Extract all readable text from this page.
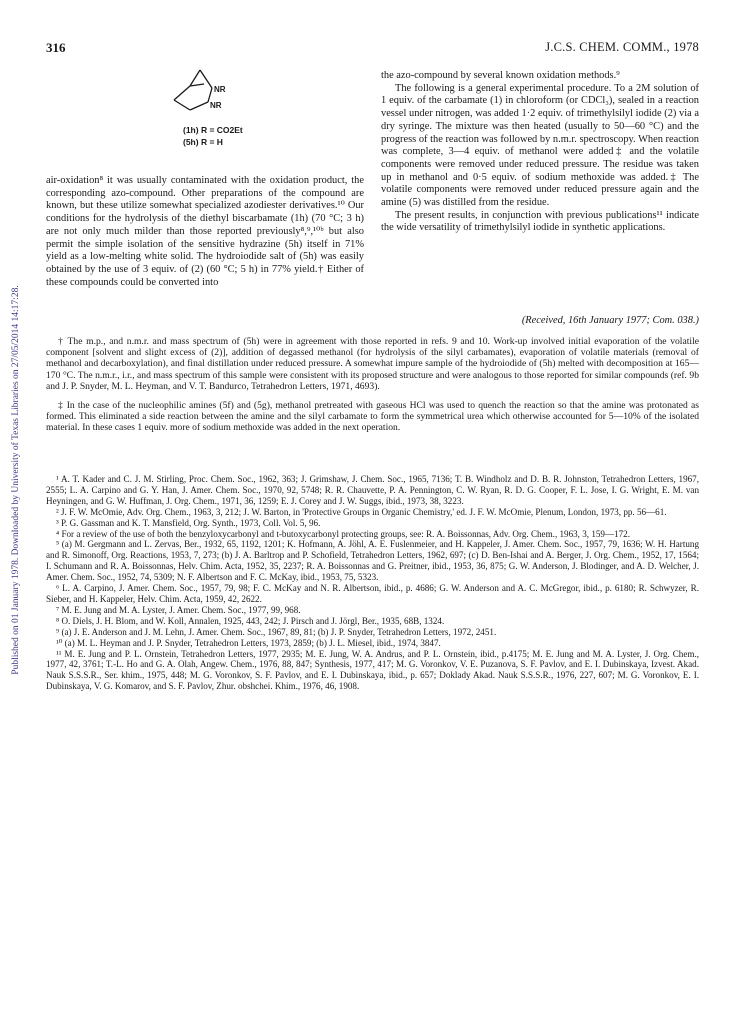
316	J.C.S. CHEM. COMM., 1978
Published on 01 January 1978. Downloaded by University of Texas Libraries on 27/05/2014 14:17:28.
NR
NR
(1h) R = CO2Et
(5h) R = H

air-oxidation⁸ it was usually contaminated with the oxidation product, the corresponding azo-compound. Other preparations of the compound are known, but these utilize somewhat specialized azodiester derivatives.¹⁰ Our conditions for the hydrolysis of the diethyl biscarbamate (1h) (70 °C; 3 h) are not only much milder than those reported previously⁸,⁹,¹⁰ᵇ but also permit the simple isolation of the sensitive hydrazine (5h) itself in 71% yield as a low-melting white solid. The hydroiodide salt of (5h) was easily obtained by the use of 3 equiv. of (2) (60 °C; 5 h) in 77% yield.† Either of these compounds could be converted into

the azo-compound by several known oxidation methods.⁹

The following is a general experimental procedure. To a 2M solution of 1 equiv. of the carbamate (1) in chloroform (or CDCl₃), sealed in a reaction vessel under nitrogen, was added 1·2 equiv. of trimethylsilyl iodide (2) via a dry syringe. The mixture was then heated (usually to 50—60 °C) and the progress of the reaction was followed by n.m.r. spectroscopy. When reaction was complete, 3—4 equiv. of methanol were added‡ and the volatile components were removed under reduced pressure. The residue was taken up in methanol and 0·5 equiv. of sodium methoxide was added.‡ The volatile components were removed under reduced pressure again and the amine (5) was distilled from the residue.

The present results, in conjunction with previous publications¹¹ indicate the wide versatility of trimethylsilyl iodide in synthetic applications.

(Received, 16th January 1977; Com. 038.)

† The m.p., and n.m.r. and mass spectrum of (5h) were in agreement with those reported in refs. 9 and 10. Work-up involved initial evaporation of the volatile component [solvent and slight excess of (2)], addition of degassed methanol (for hydrolysis of the silyl carbamates), evaporation of volatile materials (removal of methanol and decarboxylation), and final distillation under reduced pressure. A somewhat impure sample of the hydroiodide of (5h) melted with decomposition at 165—170 °C. The n.m.r., i.r., and mass spectrum of this sample were consistent with its proposed structure and were analogous to those reported for similar compounds (ref. 9b and J. P. Snyder, M. L. Heyman, and V. T. Bandurco, Tetrahedron Letters, 1971, 4693).

‡ In the case of the nucleophilic amines (5f) and (5g), methanol pretreated with gaseous HCl was used to quench the reaction so that the amine was protonated as formed. This eliminated a side reaction between the amine and the silyl carbamate to form the symmetrical urea which otherwise accounted for 5—10% of the isolated material. In these cases 1 equiv. more of sodium methoxide was added in the next operation.

¹ A. T. Kader and C. J. M. Stirling, Proc. Chem. Soc., 1962, 363; J. Grimshaw, J. Chem. Soc., 1965, 7136; T. B. Windholz and D. B. R. Johnston, Tetrahedron Letters, 1967, 2555; L. A. Carpino and G. Y. Han, J. Amer. Chem. Soc., 1970, 92, 5748; R. R. Chauvette, P. A. Pennington, C. W. Ryan, R. D. G. Cooper, F. L. Jose, I. G. Wright, E. M. van Heyningen, and G. W. Huffman, J. Org. Chem., 1971, 36, 1259; E. J. Corey and J. W. Suggs, ibid., 1973, 38, 3223.

² J. F. W. McOmie, Adv. Org. Chem., 1963, 3, 212; J. W. Barton, in 'Protective Groups in Organic Chemistry,' ed. J. F. W. McOmie, Plenum, London, 1973, pp. 56—61.

³ P. G. Gassman and K. T. Mansfield, Org. Synth., 1973, Coll. Vol. 5, 96.

⁴ For a review of the use of both the benzyloxycarbonyl and t-butoxycarbonyl protecting groups, see: R. A. Boissonnas, Adv. Org. Chem., 1963, 3, 159—172.

⁵ (a) M. Gergmann and L. Zervas, Ber., 1932, 65, 1192, 1201; K. Hofmann, A. Jöhl, A. E. Fuslenmeier, and H. Kappeler, J. Amer. Chem. Soc., 1957, 79, 1636; W. H. Hartung and R. Simonoff, Org. Reactions, 1953, 7, 273; (b) J. A. Barltrop and P. Schofield, Tetrahedron Letters, 1962, 697; (c) D. Ben-Ishai and A. Berger, J. Org. Chem., 1952, 17, 1564; I. Schumann and R. A. Boissonnas, Helv. Chim. Acta, 1952, 35, 2237; R. A. Boissonnas and G. Preitner, ibid., 1953, 36, 875; G. W. Anderson, J. Blodinger, and A. D. Welcher, J. Amer. Chem. Soc., 1952, 74, 5309; N. F. Albertson and F. C. McKay, ibid., 1953, 75, 5323.

⁶ L. A. Carpino, J. Amer. Chem. Soc., 1957, 79, 98; F. C. McKay and N. R. Albertson, ibid., p. 4686; G. W. Anderson and A. C. McGregor, ibid., p. 6180; R. Schwyzer, R. Sieber, and H. Kappeler, Helv. Chim. Acta, 1959, 42, 2622.

⁷ M. E. Jung and M. A. Lyster, J. Amer. Chem. Soc., 1977, 99, 968.

⁸ O. Diels, J. H. Blom, and W. Koll, Annalen, 1925, 443, 242; J. Pirsch and J. Jörgl, Ber., 1935, 68B, 1324.

⁹ (a) J. E. Anderson and J. M. Lehn, J. Amer. Chem. Soc., 1967, 89, 81; (b) J. P. Snyder, Tetrahedron Letters, 1972, 2451.

¹⁰ (a) M. L. Heyman and J. P. Snyder, Tetrahedron Letters, 1973, 2859; (b) J. L. Miesel, ibid., 1974, 3847.

¹¹ M. E. Jung and P. L. Ornstein, Tetrahedron Letters, 1977, 2935; M. E. Jung, W. A. Andrus, and P. L. Ornstein, ibid., p.4175; M. E. Jung and M. A. Lyster, J. Org. Chem., 1977, 42, 3761; T.-L. Ho and G. A. Olah, Angew. Chem., 1976, 88, 847; Synthesis, 1977, 417; M. G. Voronkov, V. E. Puzanova, S. F. Pavlov, and E. I. Dubinskaya, Izvest. Akad. Nauk S.S.S.R., Ser. khim., 1975, 448; M. G. Voronkov, S. F. Pavlov, and E. I. Dubinskaya, ibid., p. 657; Doklady Akad. Nauk S.S.S.R., 1976, 227, 607; M. G. Voronkov, E. I. Dubinskaya, V. G. Komarov, and S. F. Pavlov, Zhur. obshchei. Khim., 1976, 46, 1908.
